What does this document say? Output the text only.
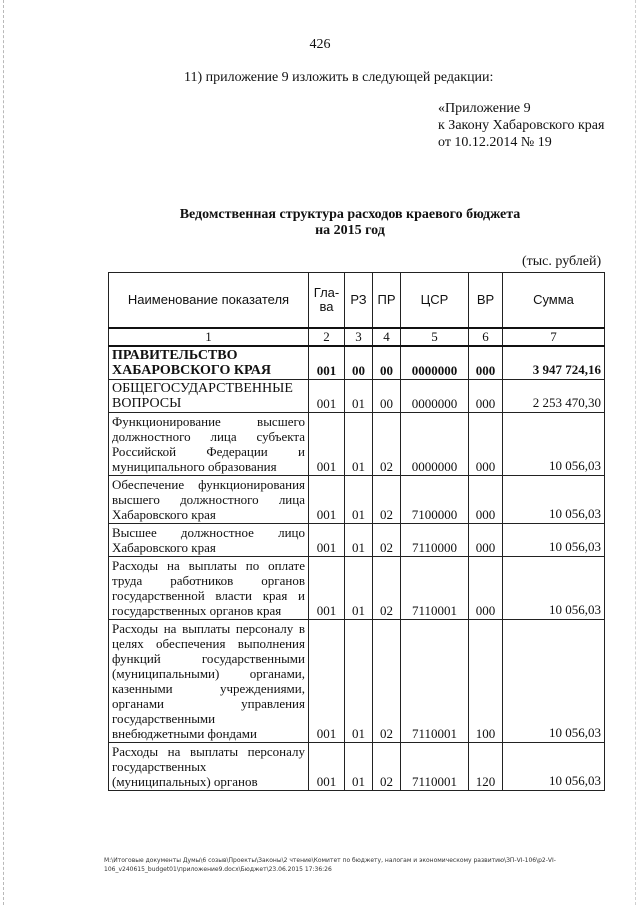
426
11) приложение 9 изложить в следующей редакции:
«Приложение 9
к Закону Хабаровского края
от 10.12.2014 № 19
Ведомственная структура расходов краевого бюджета
на 2015 год
(тыс. рублей)
Наименование показателя	Гла-ва	РЗ	ПР	ЦСР	ВР	Сумма
1	2	3	4	5	6	7
ПРАВИТЕЛЬСТВО ХАБАРОВСКОГО КРАЯ	001	00	00	0000000	000	3 947 724,16
ОБЩЕГОСУДАРСТВЕННЫЕ ВОПРОСЫ	001	01	00	0000000	000	2 253 470,30
Функционирование высшего должностного лица субъекта Российской Федерации и муниципального образования	001	01	02	0000000	000	10 056,03
Обеспечение функционирования высшего должностного лица Хабаровского края	001	01	02	7100000	000	10 056,03
Высшее должностное лицо Хабаровского края	001	01	02	7110000	000	10 056,03
Расходы на выплаты по оплате труда работников органов государственной власти края и государственных органов края	001	01	02	7110001	000	10 056,03
Расходы на выплаты персоналу в целях обеспечения выполнения функций государственными (муниципальными) органами, казенными учреждениями, органами управления государственными внебюджетными фондами	001	01	02	7110001	100	10 056,03
Расходы на выплаты персоналу государственных (муниципальных) органов	001	01	02	7110001	120	10 056,03
M:\Итоговые документы Думы\6 созыв\Проекты\Законы\2 чтение\Комитет по бюджету, налогам и экономическому развитию\ЗП-VI-106\р2-VI-106_v240615_budget01\приложение9.docx\Бюджет\23.06.2015 17:36:26
